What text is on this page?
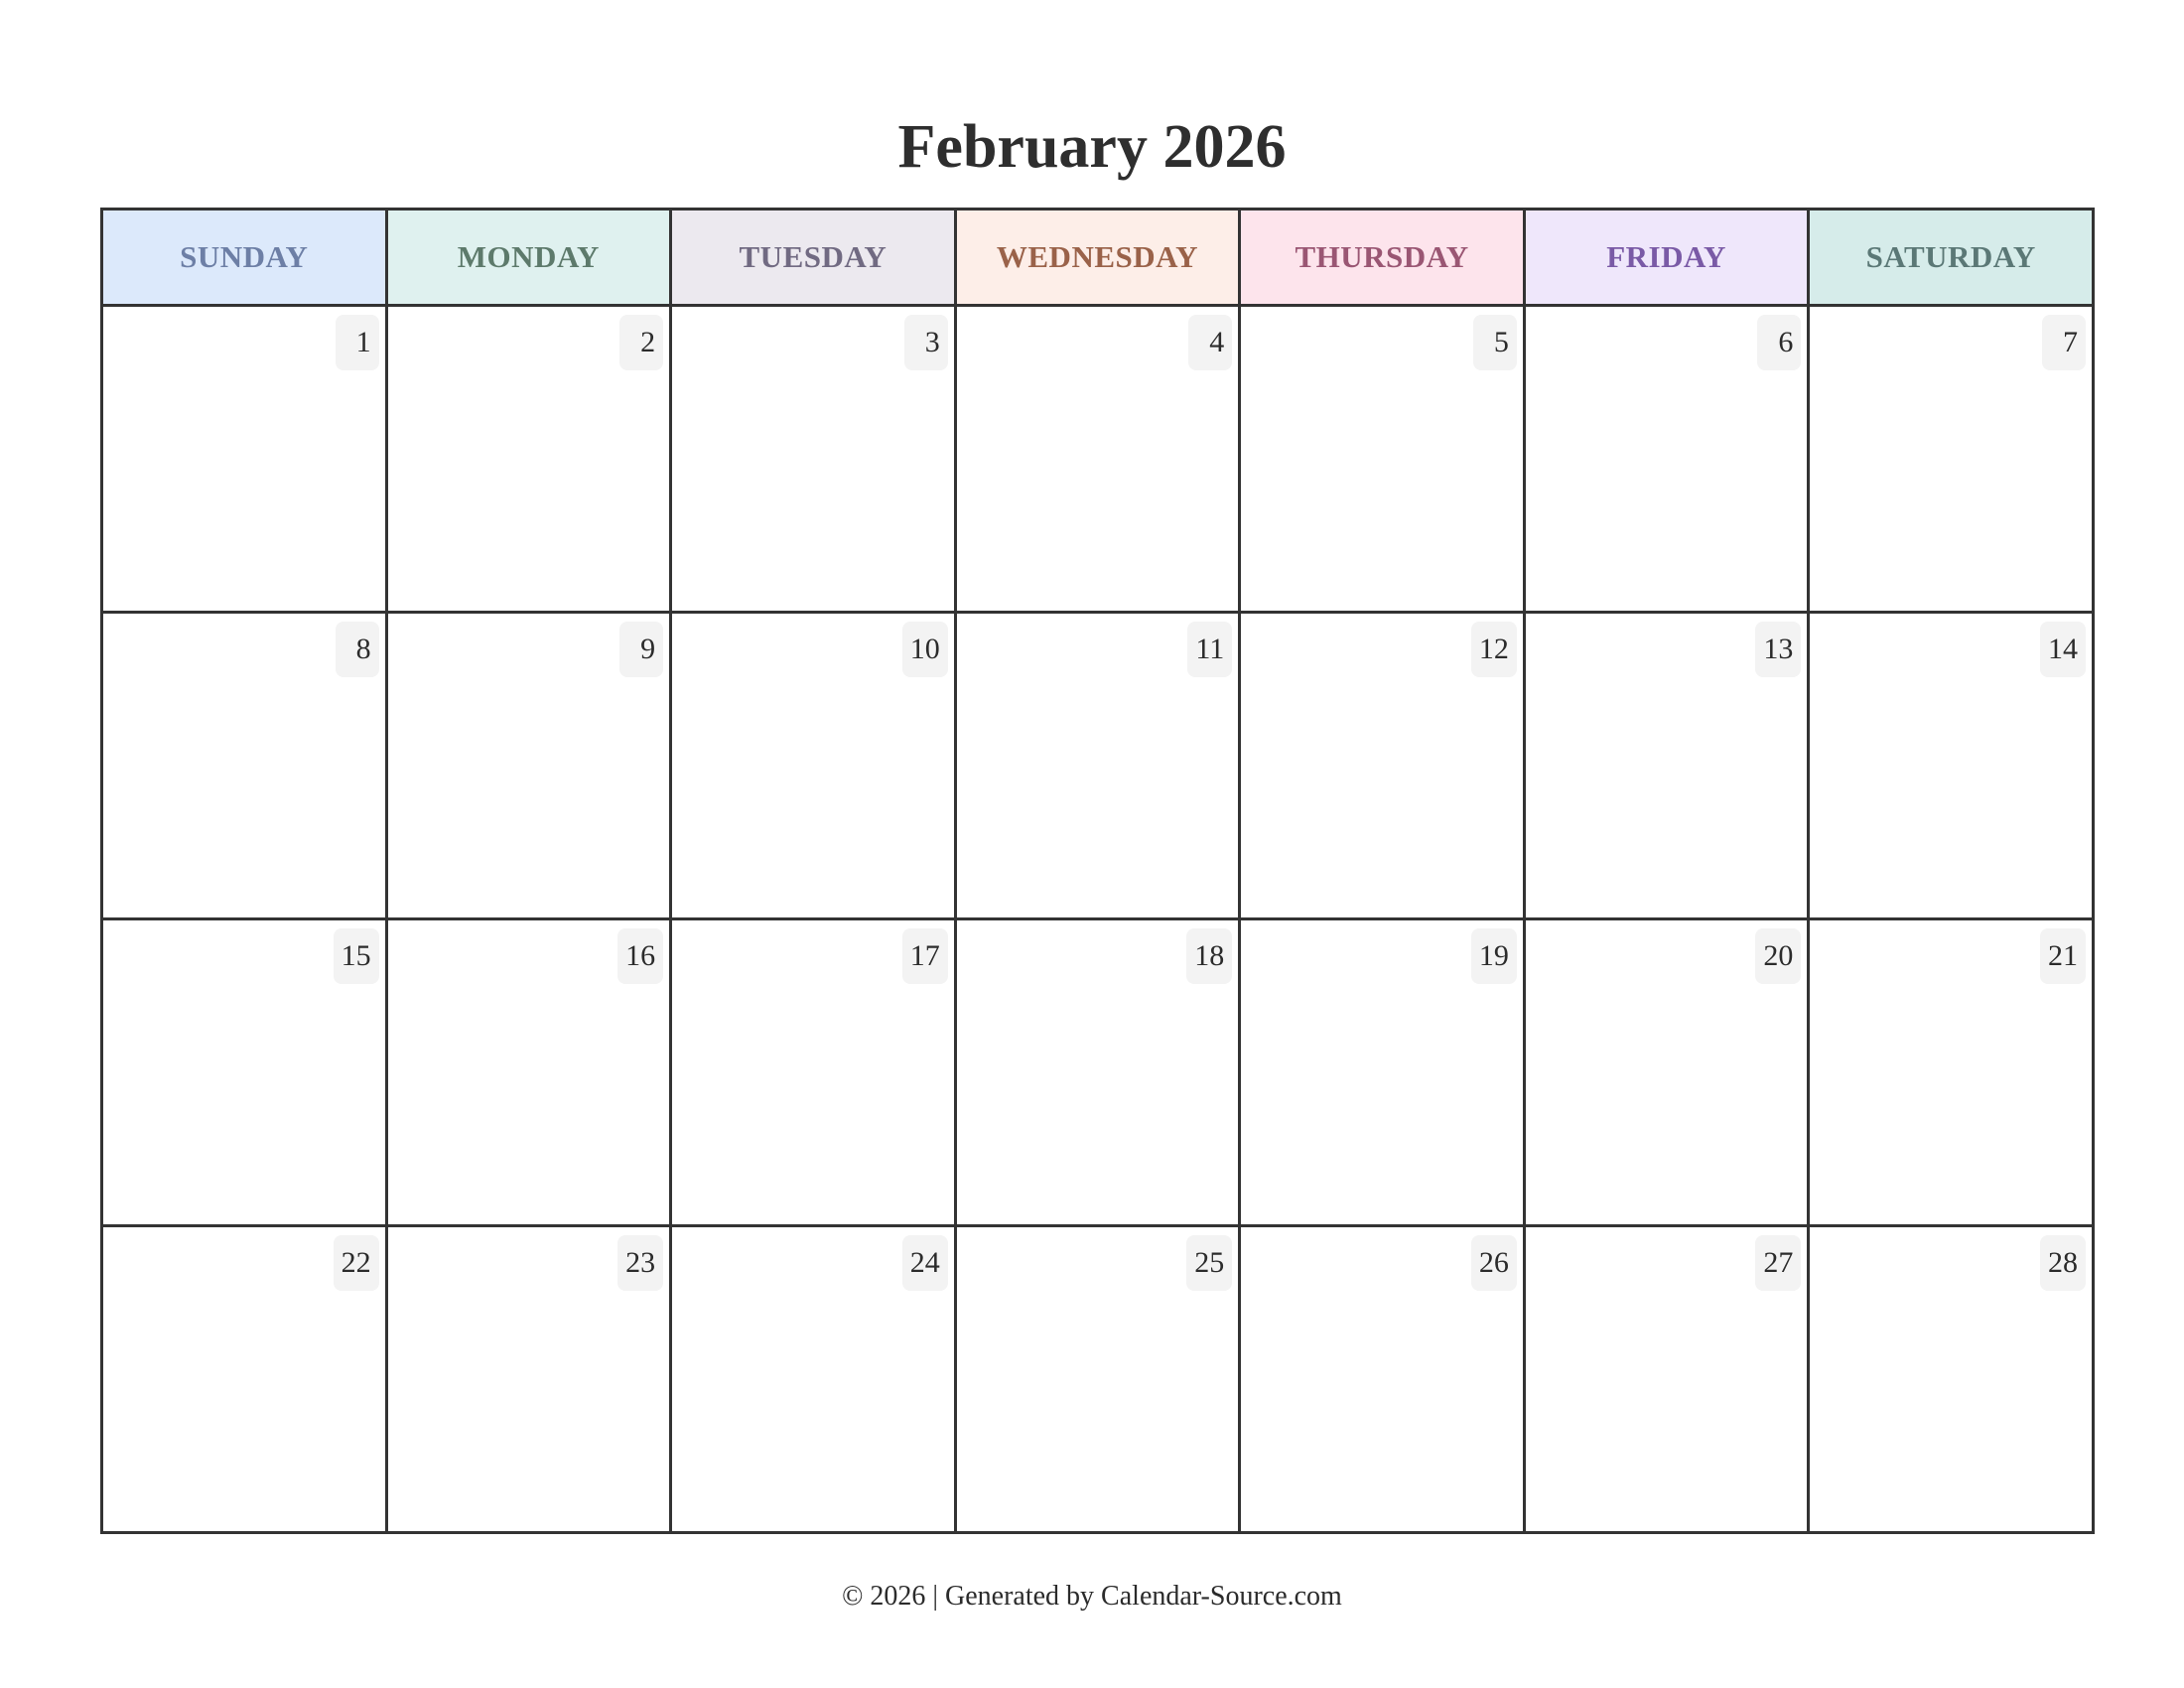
February 2026
SUNDAY	MONDAY	TUESDAY	WEDNESDAY	THURSDAY	FRIDAY	SATURDAY

1	2	3	4	5	6	7

8	9	10	11	12	13	14

15	16	17	18	19	20	21

22	23	24	25	26	27	28
© 2026 | Generated by Calendar-Source.com
